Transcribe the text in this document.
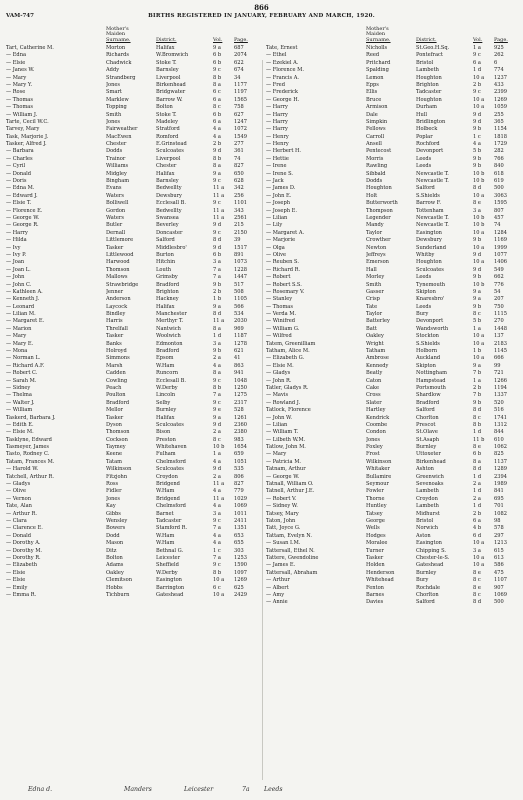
866
VAM-747	BIRTHS REGISTERED IN JANUARY, FEBRUARY AND MARCH, 1920.
Mother's
Maiden
Surname.	District.	Vol.	Page.
Tart, Catherine M.	Morton	Halifax	9 a	687
— Edna	Richards	W.Bromwich	6 b	2074
— Elsie	Chadwick	Stoke T.	6 b	622
— Janes W.	Addy	Barnsley	9 c	674
— Mary	Strandberg	Liverpool	8 b	34
— Mary Y.	Jones	Birkenhead	8 a	1177
— Rose	Smart	Bridgwater	6 c	1197
— Thomas	Marklew	Barrow W.	6 a	1565
— Thomas	Topping	Bolton	8 c	758
— William J.	Smith	Stoke T.	6 b	627
Tarte, Cecil W.C.	Jones	Madeley	6 a	1247
Tarvey, Mary	Fairweather	Stratford	4 a	1072
Task, Marjorie J.	MacEwen	Romford	4 a	1549
Tasker, Alfred J.	Chester	E.Grinstead	2 b	277
— Barbara	Dodds	Sculcoates	9 d	361
— Charles	Trainor	Liverpool	8 b	74
— Cyril	Williams	Chester	8 a	827
— Donald	Midgley	Halifax	9 a	650
— Doris	Bingham	Barnsley	9 c	628
— Edna M.	Evans	Bedwellty	11 a	342
— Edward J.	Waters	Dewsbury	11 a	256
— Elsie T.	Bolliwell	Ecclesall B.	9 c	1101
— Florence E.	Gordon	Bedwellty	11 a	343
— George W.	Waters	Swansea	11 a	2561
— George R.	Butler	Beverley	9 d	215
— Harry	Dernall	Doncaster	9 c	2150
— Hilda	Littlemore	Salford	8 d	39
— Ivy	Tasker	Middlesbro'	9 d	1517
— Ivy P.	Littlewood	Burton	6 b	891
— Joan	Harwood	Hitchin	3 a	1073
— Joan L.	Thomson	Louth	7 a	1228
— John	Mallows	Grimsby	7 a	1447
— John C.	Strawbridge	Bradford	9 b	517
— Kathleen A.	Jenner	Brighton	2 b	508
— Kenneth J.	Anderson	Hackney	1 b	1105
— Leonard	Laycock	Halifax	9 a	566
— Lilian M.	Bindley	Manchester	8 d	534
— Margaret E.	Harris	Merthyr T.	11 a	2030
— Marion	Threlfall	Nantwich	8 a	969
— Mary	Tasker	Woolwich	1 d	1187
— Mary E.	Banks	Edmonton	3 a	1278
— Mona	Holroyd	Bradford	9 b	621
— Norman L.	Simmons	Epsom	2 a	41
— Richard A.F.	Marsh	W.Ham	4 a	863
— Robert C.	Cadden	Runcorn	8 a	941
— Sarah M.	Cowling	Ecclesall B.	9 c	1048
— Sidney	Peach	W.Derby	8 b	1250
— Thelma	Poulton	Lincoln	7 a	1275
— Walter J.	Bradford	Selby	9 c	2317
— William	Mellor	Burnley	9 e	528
Taskerd, Barbara J.	Tasker	Halifax	9 a	1261
— Edith E.	Dyson	Sculcoates	9 d	2360
— Elsie M.	Thomson	Bison	2 a	2380
Tasklyne, Edward	Cockson	Preston	8 c	983
Tasmeyer, James	Taymey	Whitehaven	10 b	1654
Tasto, Rodney C.	Keene	Fulham	1 a	659
Tatam, Frances M.	Tatam	Chelmsford	4 a	1051
— Harold W.	Wilkinson	Sculcoates	9 d	535
Tatchell, Arthur R.	Fitzjohn	Croydon	2 a	806
— Gladys	Ross	Bridgend	11 a	827
— Olive	Fidler	W.Ham	4 a	779
— Vernon	Jones	Bridgend	11 a	1029
Tate, Alan	Kay	Chelmsford	4 a	1069
— Arthur R.	Gibbs	Barnet	3 a	1011
— Clara	Wensley	Tadcaster	9 c	2411
— Clarence E.	Bowers	Stamford R.	7 a	1351
— Donald	Dodd	W.Ham	4 a	653
— Dorothy A.	Mason	W.Ham	4 a	655
— Dorothy M.	Ditz	Bethnal G.	1 c	303
— Dorothy R.	Bolton	Leicester	7 a	1253
— Elizabeth	Adams	Sheffield	9 c	1590
— Elsie	Oakley	W.Derby	8 b	1097
— Elsie	Clemitson	Easington	10 a	1269
— Emily	Hobbs	Barrington	6 c	625
— Emma R.	Tichburn	Gateshead	10 a	2429
Mother's
Maiden
Surname.	District.	Vol.	Page.
Tate, Ernest	Nicholls	St.Geo.H.Sq.	1 a	925
— Ethel	Reed	Pontefract	9 c	262
— Ezekiel A.	Pritchard	Bristol	6 a	6
— Florence M.	Spalding	Lambeth	1 d	774
— Francis A.	Lemon	Houghton	10 a	1237
— Fred	Epps	Brighton	2 b	433
— Frederick	Ellis	Tadcaster	9 c	2399
— George H.	Bruce	Houghton	10 a	1269
— Harry	Armison	Durham	10 a	1059
— Harry	Dale	Hull	9 d	255
— Harry	Simpkin	Bridlington	9 d	365
— Harry	Fellows	Holbeck	9 b	1154
— Henry	Carroll	Poplar	1 c	1818
— Henry	Ansell	Rochford	4 a	1729
— Herbert H.	Pentecost	Devonport	5 b	282
— Hettie	Morris	Leeds	9 b	766
— Irene	Rawling	Leeds	9 b	840
— Irene S.	Sibbald	Newcastle T.	10 b	618
— Jack	Dodds	Newcastle T.	10 b	619
— James D.	Houghton	Salford	8 d	500
— John E.	Holt	S.Shields	10 a	3063
— Joseph	Butterworth	Barrow F.	8 e	1595
— Joseph E.	Thompson	Tottenham	3 a	807
— Lilian	Legender	Newcastle T.	10 b	457
— Lily	Mandy	Newcastle T.	10 b	74
— Margaret A.	Taylor	Easington	10 a	1284
— Marjorie	Crowther	Dewsbury	9 b	1169
— Olga	Newton	Sunderland	10 a	1999
— Olive	Jeffreys	Whitby	9 d	1077
— Reuben S.	Emerson	Houghton	10 a	1406
— Richard R.	Hall	Sculcoates	9 d	549
— Robert	Morley	Leeds	9 b	662
— Robert S.S.	Smith	Tynemouth	10 b	776
— Rosemary V.	Gasser	Skipton	9 a	54
— Stanley	Crisp	Knaresbro'	9 a	207
— Thomas	Tate	Leeds	9 b	750
— Verda M.	Taylor	Bury	8 c	1115
— Winifred	Batterley	Devonport	5 b	270
— William G.	Batt	Wandsworth	1 a	1448
— Wilfred	Oakley	Stockton	10 a	137
Tatem, Greenilliam	Wright	S.Shields	10 a	2183
Tatham, Alice M.	Tatham	Holborn	1 b	1145
— Elizabeth G.	Ambrose	Auckland	10 a	666
— Elsie M.	Kennedy	Skipton	9 a	99
— Gladys	Beatly	Nottingham	7 b	721
— John R.	Caton	Hampstead	1 a	1266
Tatler, Gladys R.	Cake	Portsmouth	2 b	1194
— Mavis	Cross	Shardlow	7 b	1337
— Rowland J.	Slater	Bradford	9 b	520
Tatlock, Florence	Hartley	Salford	8 d	516
— John W.	Kendrick	Chorlton	8 c	1741
— Lilian	Coombe	Prescot	8 b	1312
— William T.	Condon	St.Olave	1 d	844
— Lilbeth W.M.	Jones	St.Asaph	11 b	610
Tatlow, John M.	Foxley	Burnley	8 e	1062
— Mary	Frost	Uttoxeter	6 b	825
— Patricia M.	Wilkinson	Birkenhead	8 a	1137
Tatnam, Arthur	Whitaker	Ashton	8 d	1289
— George W.	Bullamire	Greenwich	1 d	2394
Tatnall, William O.	Seymour	Sevenoaks	2 a	1989
Tatnell, Arthur J.E.	Fowler	Lambeth	1 d	841
— Robert V.	Thorne	Croydon	2 a	695
— Sidney W.	Huntley	Lambeth	1 d	701
Tatsey, Mary	Tatsey	Midhurst	2 b	1082
Taton, John	George	Bristol	6 a	98
Tatt, Joyce G.	Wells	Norwich	4 b	578
Tattam, Evelyn N.	Hodges	Aston	6 d	297
— Susan I.M.	Moralee	Easington	10 a	1213
Tattersall, Ethel N.	Turner	Chipping S.	3 a	615
Tattere, Gwendoline	Tasker	Chester-le-S.	10 a	613
— James E.	Holden	Gateshead	10 a	586
Tattersall, Abraham	Henderson	Burnley	8 e	475
— Arthur	Whitehead	Bury	8 c	1107
— Albert	Fenton	Rochdale	8 e	907
— Amy	Barnes	Chorlton	8 c	1069
— Annie	Davies	Salford	8 d	500
Edna d.	Manders	Leicester	7a Leeds
